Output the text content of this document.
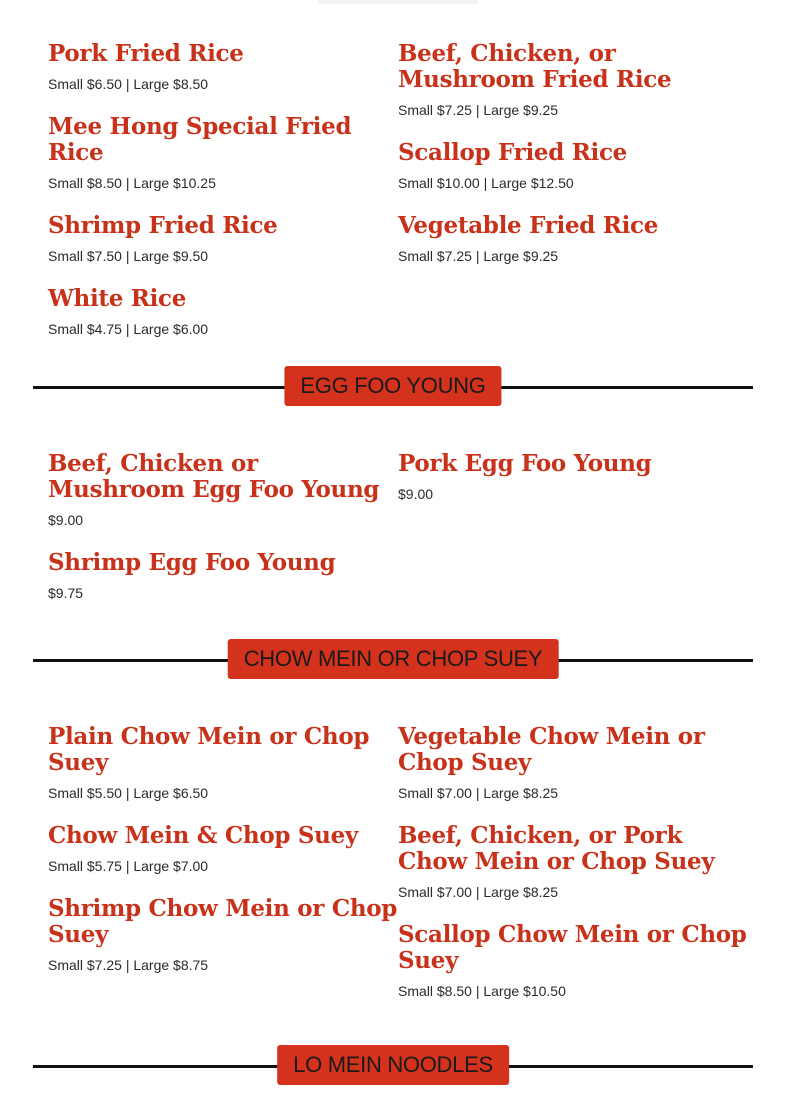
Pork Fried Rice
Small $6.50 | Large $8.50
Mee Hong Special Fried Rice
Small $8.50 | Large $10.25
Shrimp Fried Rice
Small $7.50 | Large $9.50
White Rice
Small $4.75 | Large $6.00
Beef, Chicken, or Mushroom Fried Rice
Small $7.25 | Large $9.25
Scallop Fried Rice
Small $10.00 | Large $12.50
Vegetable Fried Rice
Small $7.25 | Large $9.25
EGG FOO YOUNG
Beef, Chicken or Mushroom Egg Foo Young
$9.00
Shrimp Egg Foo Young
$9.75
Pork Egg Foo Young
$9.00
CHOW MEIN OR CHOP SUEY
Plain Chow Mein or Chop Suey
Small $5.50 | Large $6.50
Chow Mein & Chop Suey
Small $5.75 | Large $7.00
Shrimp Chow Mein or Chop Suey
Small $7.25 | Large $8.75
Vegetable Chow Mein or Chop Suey
Small $7.00 | Large $8.25
Beef, Chicken, or Pork Chow Mein or Chop Suey
Small $7.00 | Large $8.25
Scallop Chow Mein or Chop Suey
Small $8.50 | Large $10.50
LO MEIN NOODLES
